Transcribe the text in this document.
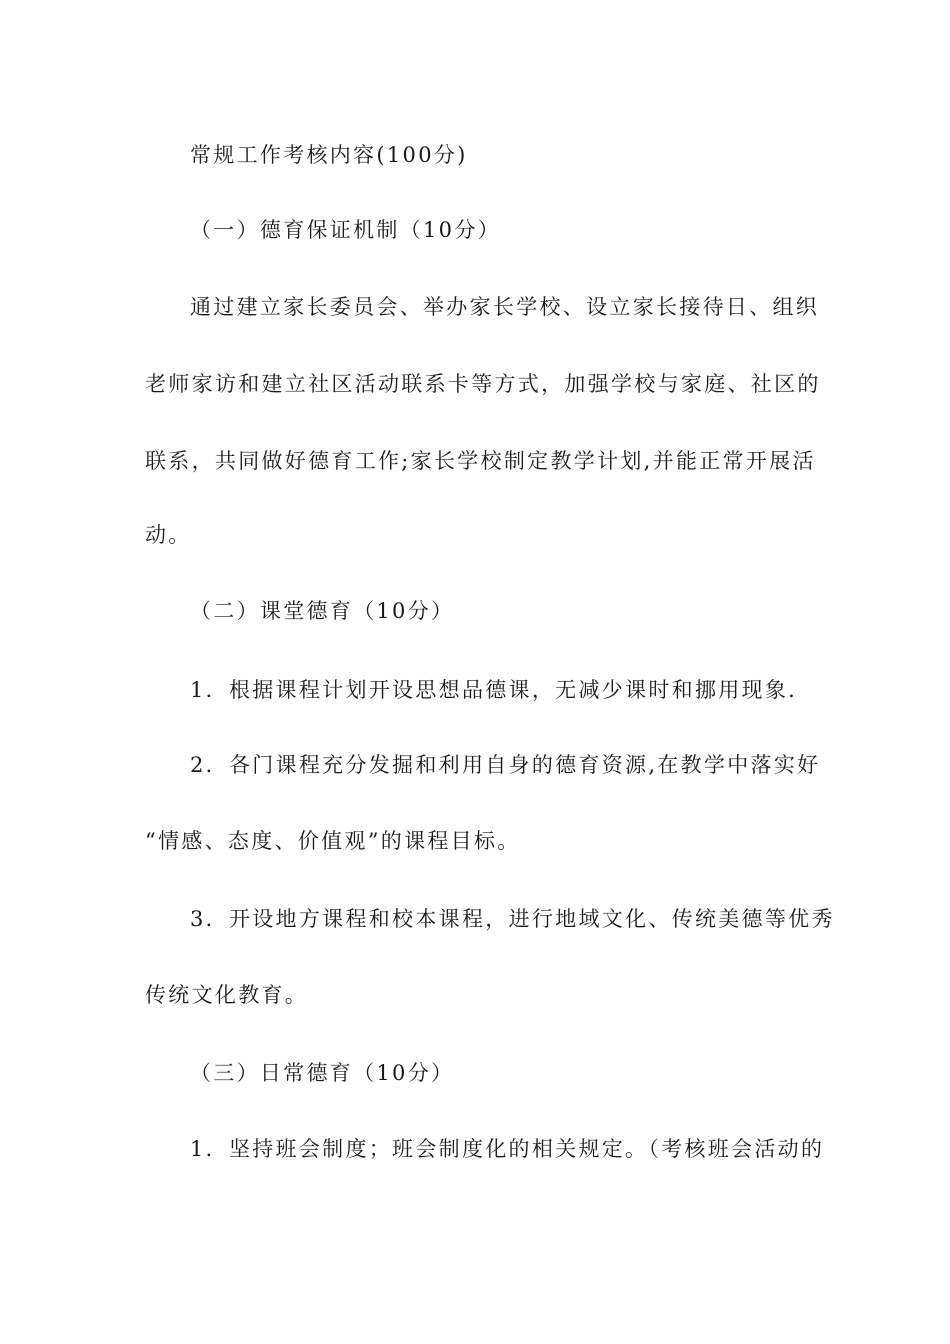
常规工作考核内容(100分)
（一）德育保证机制（10分）
通过建立家长委员会、举办家长学校、设立家长接待日、组织
老师家访和建立社区活动联系卡等方式，加强学校与家庭、社区的
联系，共同做好德育工作;家长学校制定教学计划,并能正常开展活
动。
（二）课堂德育（10分）
1．根据课程计划开设思想品德课，无减少课时和挪用现象.
2．各门课程充分发掘和利用自身的德育资源,在教学中落实好
“情感、态度、价值观”的课程目标。
3．开设地方课程和校本课程，进行地域文化、传统美德等优秀
传统文化教育。
（三）日常德育（10分）
1．坚持班会制度；班会制度化的相关规定。（考核班会活动的
